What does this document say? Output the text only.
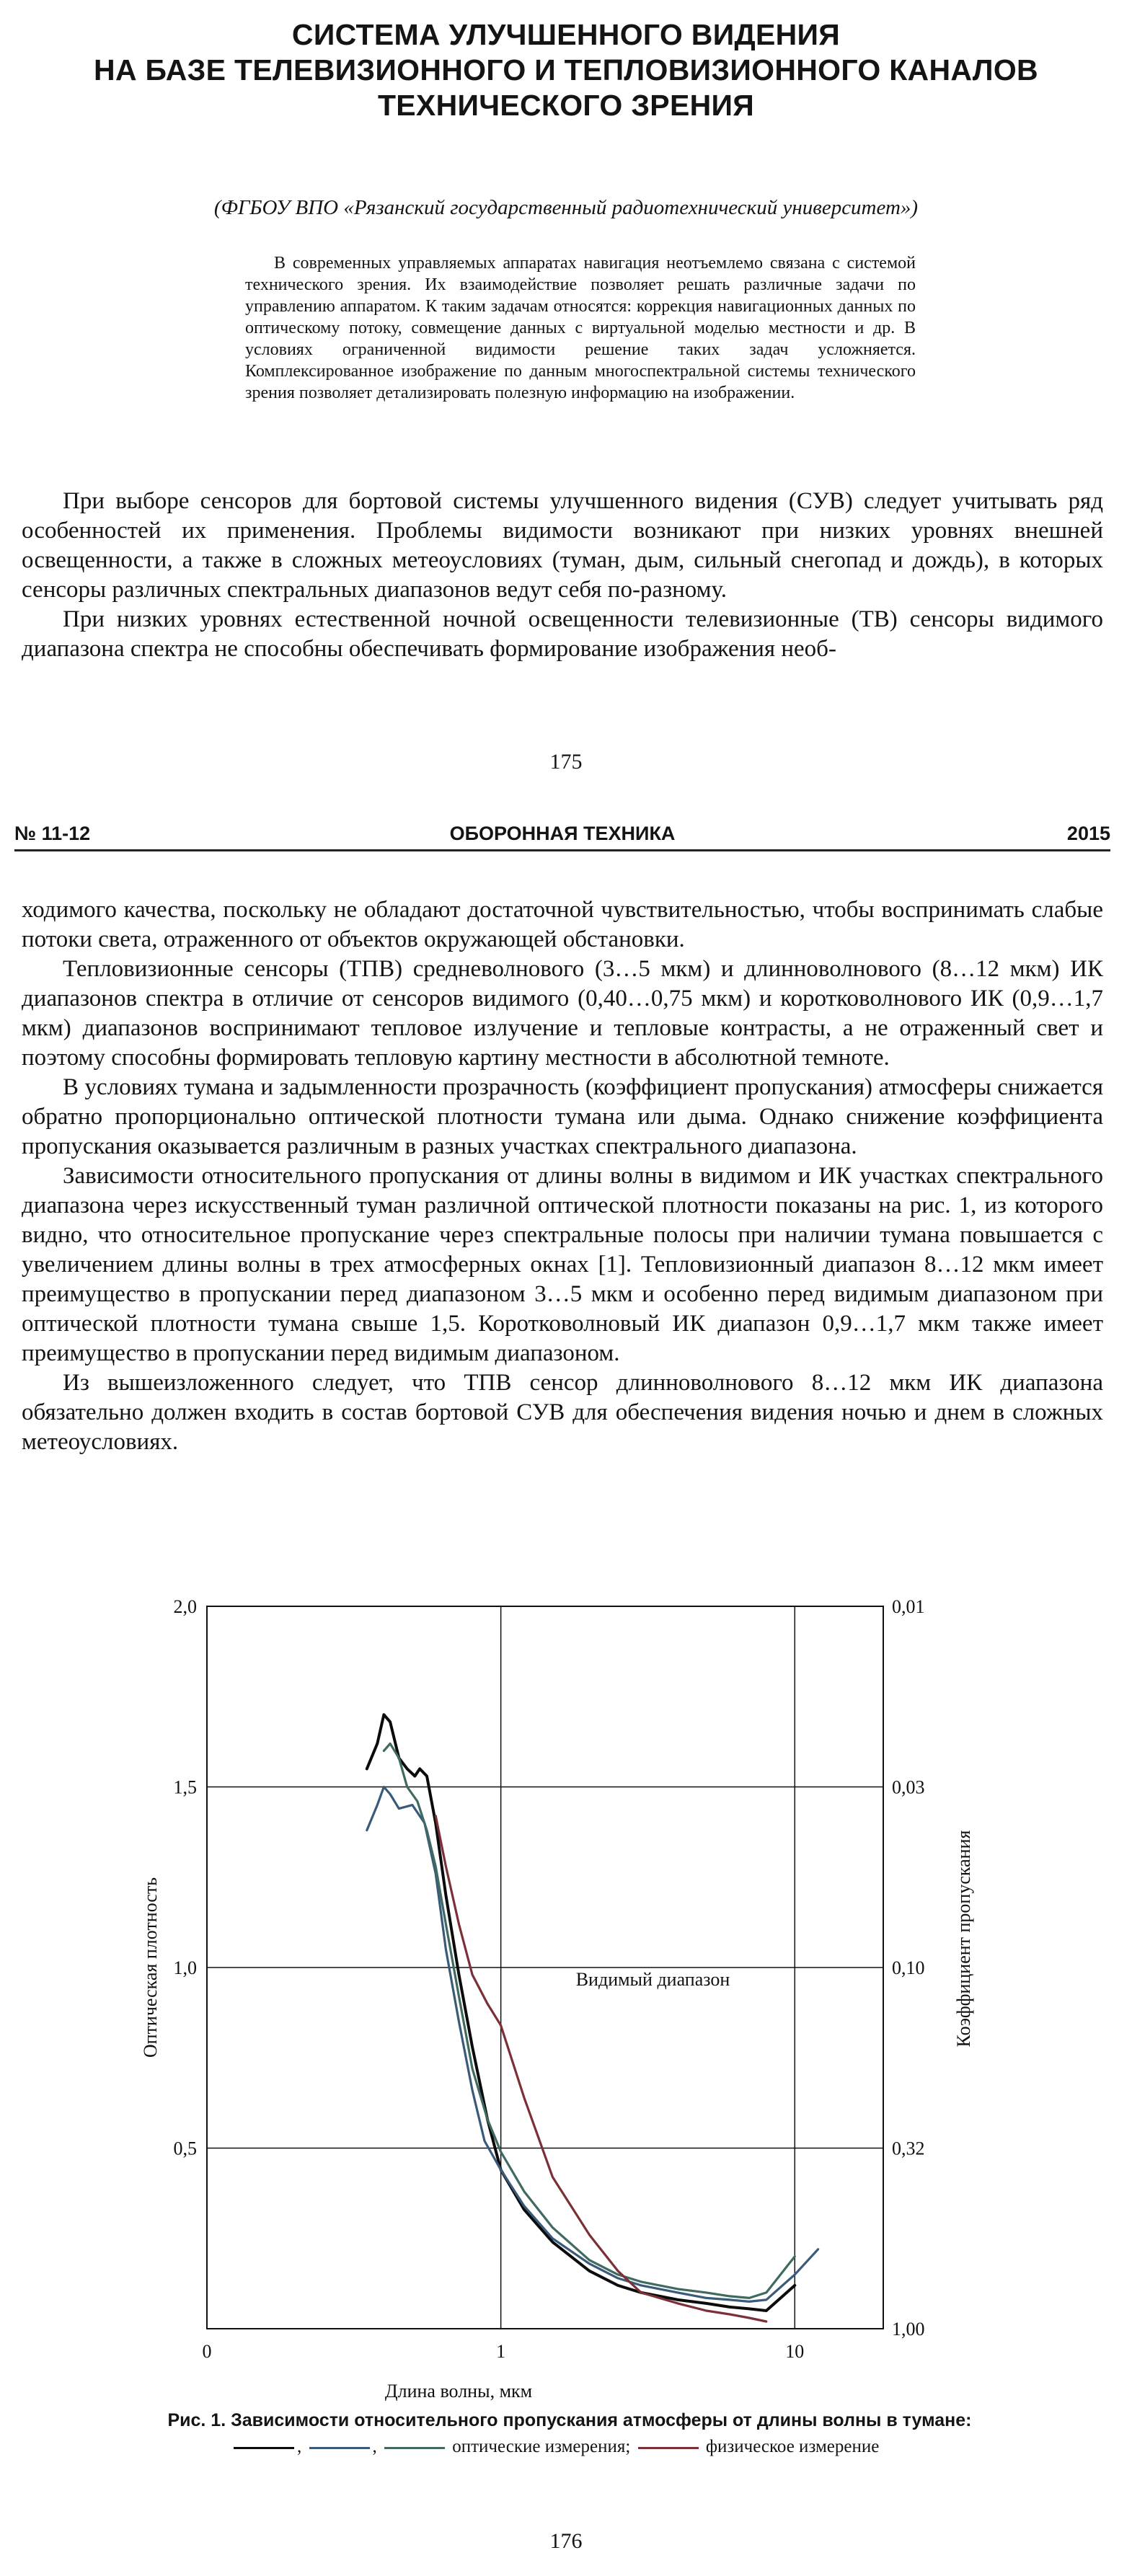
СИСТЕМА УЛУЧШЕННОГО ВИДЕНИЯ
НА БАЗЕ ТЕЛЕВИЗИОННОГО И ТЕПЛОВИЗИОННОГО КАНАЛОВ
ТЕХНИЧЕСКОГО ЗРЕНИЯ
(ФГБОУ ВПО «Рязанский государственный радиотехнический университет»)
В современных управляемых аппаратах навигация неотъемлемо связана с системой технического зрения. Их взаимодействие позволяет решать различные задачи по управлению аппаратом. К таким задачам относятся: коррекция навигационных данных по оптическому потоку, совмещение данных с виртуальной моделью местности и др. В условиях ограниченной видимости решение таких задач усложняется. Комплексированное изображение по данным многоспектральной системы технического зрения позволяет детализировать полезную информацию на изображении.

При выборе сенсоров для бортовой системы улучшенного видения (СУВ) следует учитывать ряд особенностей их применения. Проблемы видимости возникают при низких уровнях внешней освещенности, а также в сложных метеоусловиях (туман, дым, сильный снегопад и дождь), в которых сенсоры различных спектральных диапазонов ведут себя по-разному.

При низких уровнях естественной ночной освещенности телевизионные (ТВ) сенсоры видимого диапазона спектра не способны обеспечивать формирование изображения необ-

175
№ 11-12	ОБОРОННАЯ ТЕХНИКА	2015

ходимого качества, поскольку не обладают достаточной чувствительностью, чтобы воспринимать слабые потоки света, отраженного от объектов окружающей обстановки.

Тепловизионные сенсоры (ТПВ) средневолнового (3…5 мкм) и длинноволнового (8…12 мкм) ИК диапазонов спектра в отличие от сенсоров видимого (0,40…0,75 мкм) и коротковолнового ИК (0,9…1,7 мкм) диапазонов воспринимают тепловое излучение и тепловые контрасты, а не отраженный свет и поэтому способны формировать тепловую картину местности в абсолютной темноте.

В условиях тумана и задымленности прозрачность (коэффициент пропускания) атмосферы снижается обратно пропорционально оптической плотности тумана или дыма. Однако снижение коэффициента пропускания оказывается различным в разных участках спектрального диапазона.

Зависимости относительного пропускания от длины волны в видимом и ИК участках спектрального диапазона через искусственный туман различной оптической плотности показаны на рис. 1, из которого видно, что относительное пропускание через спектральные полосы при наличии тумана повышается с увеличением длины волны в трех атмосферных окнах [1]. Тепловизионный диапазон 8…12 мкм имеет преимущество в пропускании перед диапазоном 3…5 мкм и особенно перед видимым диапазоном при оптической плотности тумана свыше 1,5. Коротковолновый ИК диапазон 0,9…1,7 мкм также имеет преимущество в пропускании перед видимым диапазоном.

Из вышеизложенного следует, что ТПВ сенсор длинноволнового 8…12 мкм ИК диапазона обязательно должен входить в состав бортовой СУВ для обеспечения видения ночью и днем в сложных метеоусловиях.

2,0
1,5
1,0
0,5
0,01
0,03
0,10
0,32
1,00
0	1	10
Длина волны, мкм
Оптическая плотность	Коэффициент пропускания
Видимый диапазон
Рис. 1. Зависимости относительного пропускания атмосферы от длины волны в тумане:
,	,	оптические измерения;	физическое измерение
176
